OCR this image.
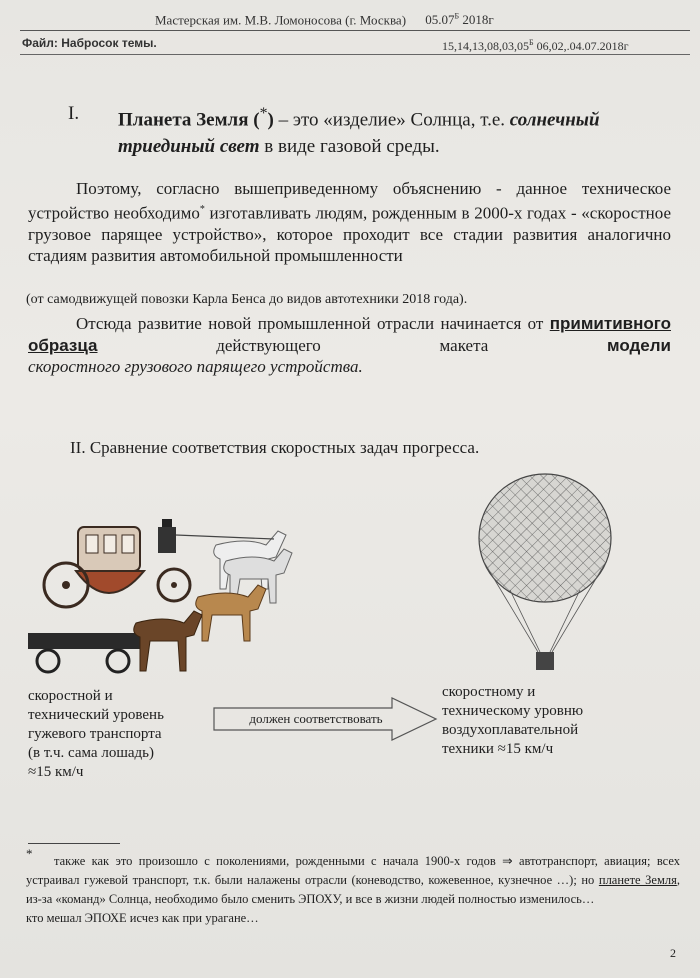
Мастерская им. М.В. Ломоносова (г. Москва) $05.07^Б$ 2018г
Файл: Набросок темы.	$15,14,13,08,03,05^Б$ 06,02,.04.07.2018г
I. Планета Земля (*) – это «изделие» Солнца, т.е. солнечный триединый свет в виде газовой среды.
Поэтому, согласно вышеприведенному объяснению - данное техническое устройство необходимо* изготавливать людям, рожденным в 2000-х годах - «скоростное грузовое парящее устройство», которое проходит все стадии развития аналогично стадиям развития автомобильной промышленности
(от самодвижущей повозки Карла Бенса до видов автотехники 2018 года).
Отсюда развитие новой промышленной отрасли начинается от примитивного образца действующего макета модели
скоростного грузового парящего устройства.
II. Сравнение соответствия скоростных задач прогресса.
скоростной и
технический уровень
гужевого транспорта
(в т.ч. сама лошадь)
≈15 км/ч
должен соответствовать
скоростному и
техническому уровню
воздухоплавательной
техники ≈15 км/ч
*	также как это произошло с поколениями, рожденными с начала 1900-х годов ⇒ автотранспорт, авиация; всех устраивал гужевой транспорт, т.к. были налажены отрасли (коневодство, кожевенное, кузнечное …); но планете Земля, из-за «команд» Солнца, необходимо было сменить ЭПОХУ, и все в жизни людей полностью изменилось…

кто мешал ЭПОХЕ исчез как при урагане…

2
